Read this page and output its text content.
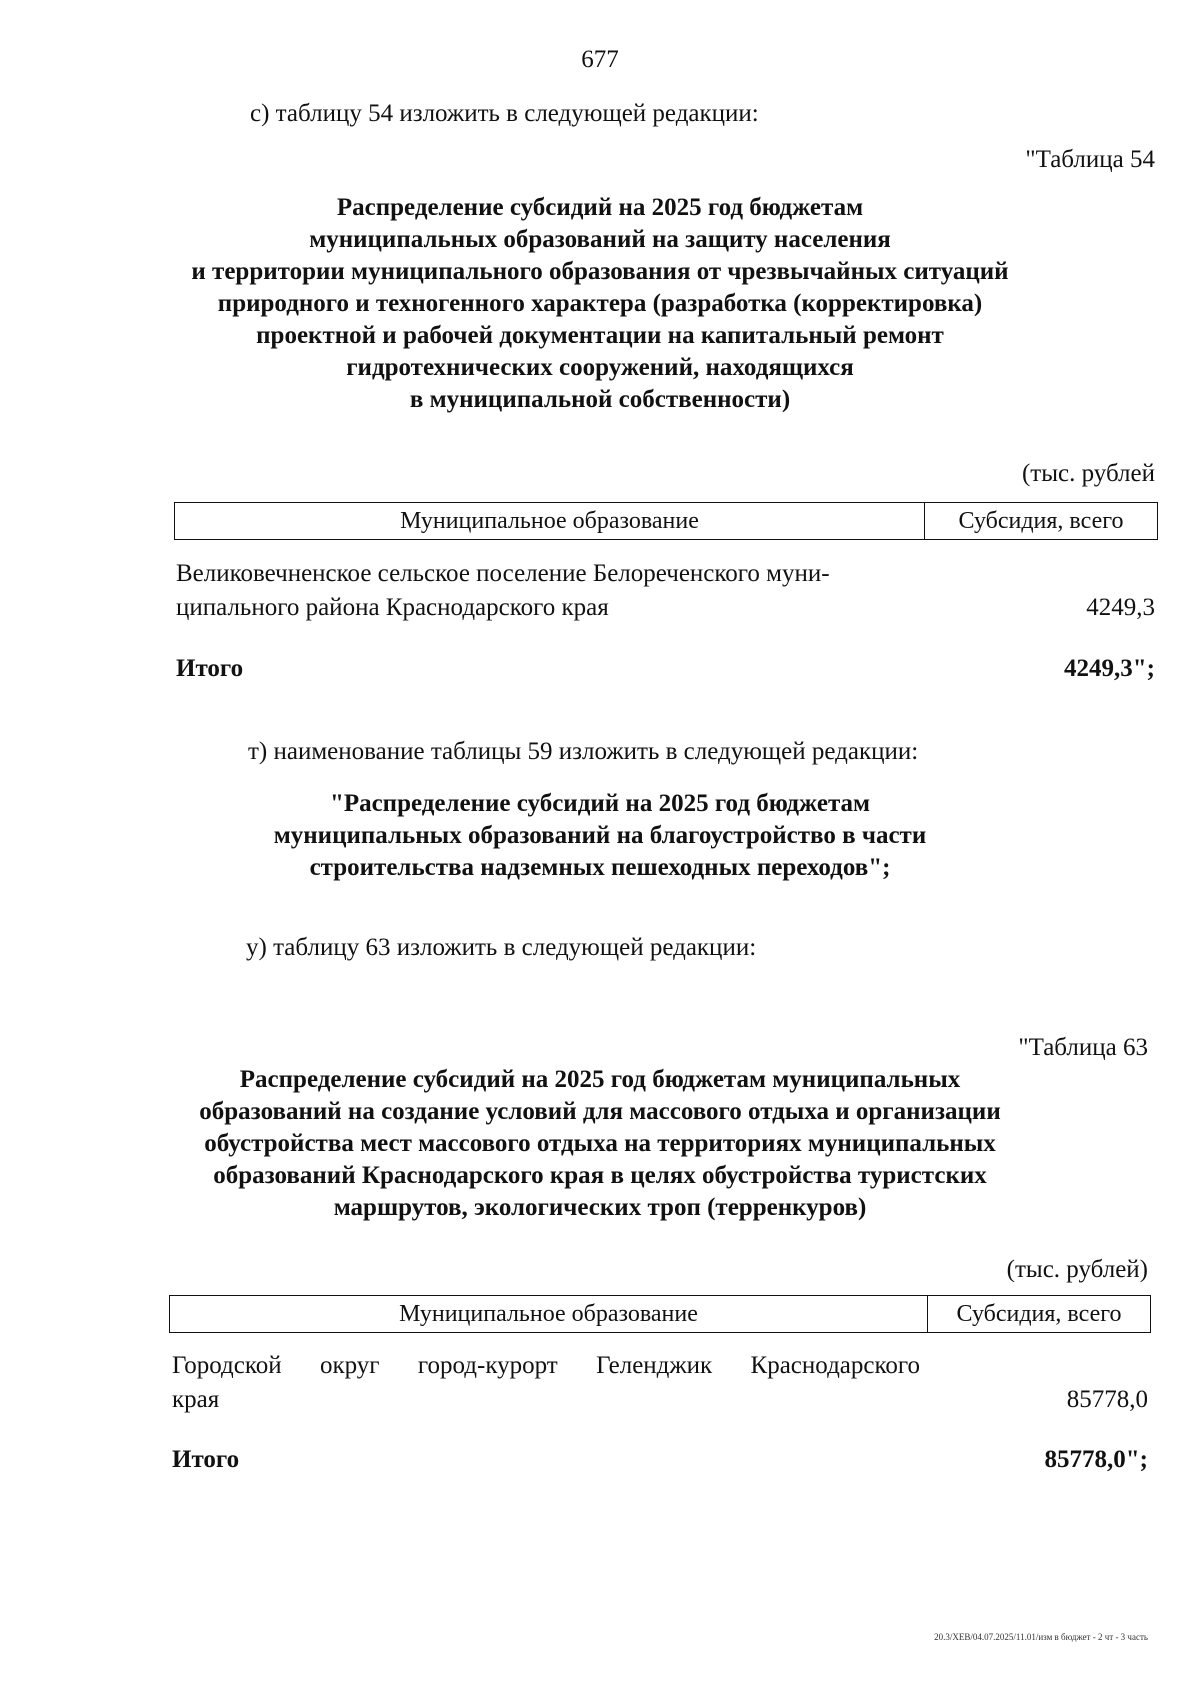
677
с) таблицу 54 изложить в следующей редакции:
"Таблица 54
Распределение субсидий на 2025 год бюджетам
муниципальных образований на защиту населения
и территории муниципального образования от чрезвычайных ситуаций
природного и техногенного характера (разработка (корректировка)
проектной и рабочей документации на капитальный ремонт
гидротехнических сооружений, находящихся
в муниципальной собственности)
(тыс. рублей
Муниципальное образование	Субсидия, всего
Великовечненское сельское поселение Белореченского муни-
ципального района Краснодарского края	4249,3
Итого	4249,3";
т) наименование таблицы 59 изложить в следующей редакции:
"Распределение субсидий на 2025 год бюджетам
муниципальных образований на благоустройство в части
строительства надземных пешеходных переходов";
у) таблицу 63 изложить в следующей редакции:
"Таблица 63
Распределение субсидий на 2025 год бюджетам муниципальных
образований на создание условий для массового отдыха и организации
обустройства мест массового отдыха на территориях муниципальных
образований Краснодарского края в целях обустройства туристских
маршрутов, экологических троп (терренкуров)
(тыс. рублей)
Муниципальное образование	Субсидия, всего
Городской округ город-курорт Геленджик Краснодарского
края	85778,0
Итого	85778,0";
20.3/ХЕВ/04.07.2025/11.01/изм в бюджет - 2 чт - 3 часть
